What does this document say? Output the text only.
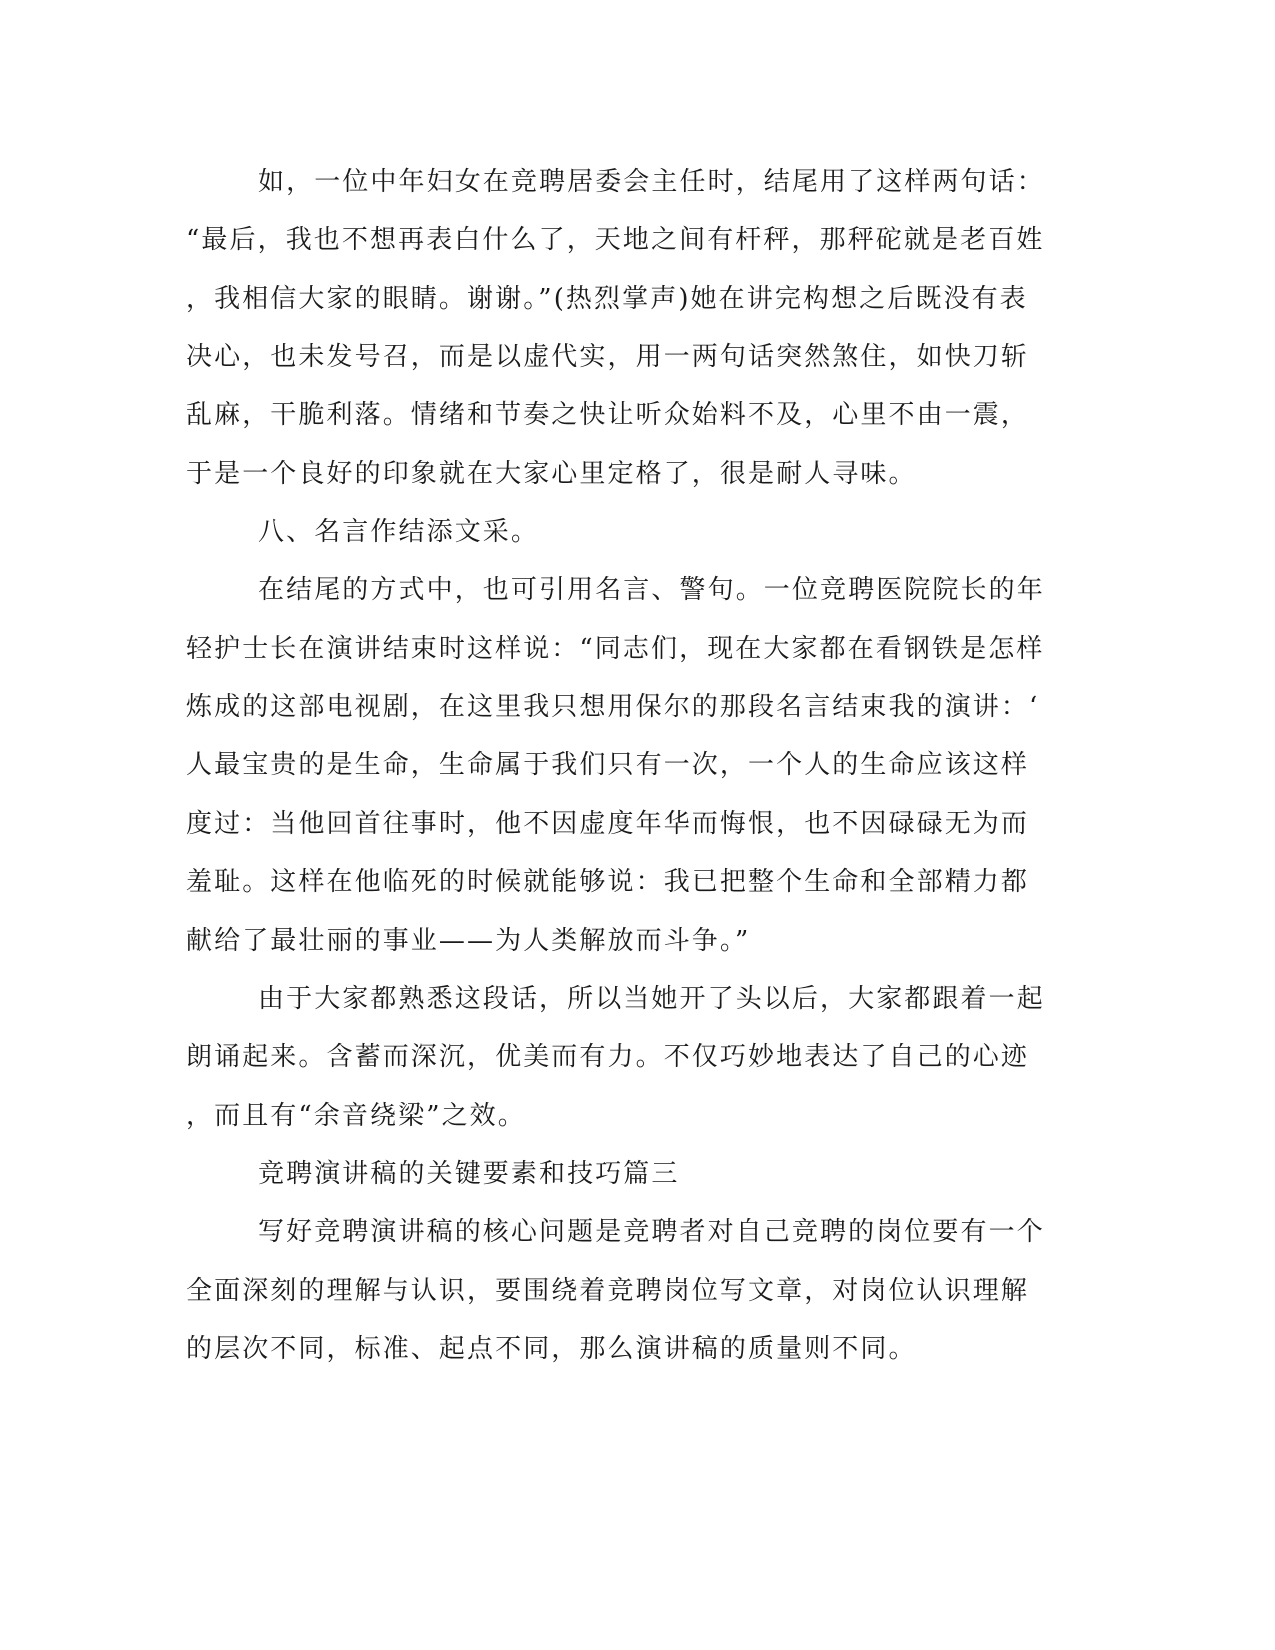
如，一位中年妇女在竞聘居委会主任时，结尾用了这样两句话：
“最后，我也不想再表白什么了，天地之间有杆秤，那秤砣就是老百姓
，我相信大家的眼睛。谢谢。”(热烈掌声)她在讲完构想之后既没有表
决心，也未发号召，而是以虚代实，用一两句话突然煞住，如快刀斩
乱麻，干脆利落。情绪和节奏之快让听众始料不及，心里不由一震，
于是一个良好的印象就在大家心里定格了，很是耐人寻味。
八、名言作结添文采。
在结尾的方式中，也可引用名言、警句。一位竞聘医院院长的年
轻护士长在演讲结束时这样说：“同志们，现在大家都在看钢铁是怎样
炼成的这部电视剧，在这里我只想用保尔的那段名言结束我的演讲：‘
人最宝贵的是生命，生命属于我们只有一次，一个人的生命应该这样
度过：当他回首往事时，他不因虚度年华而悔恨，也不因碌碌无为而
羞耻。这样在他临死的时候就能够说：我已把整个生命和全部精力都
献给了最壮丽的事业——为人类解放而斗争。”
由于大家都熟悉这段话，所以当她开了头以后，大家都跟着一起
朗诵起来。含蓄而深沉，优美而有力。不仅巧妙地表达了自己的心迹
，而且有“余音绕梁”之效。
竞聘演讲稿的关键要素和技巧篇三
写好竞聘演讲稿的核心问题是竞聘者对自己竞聘的岗位要有一个
全面深刻的理解与认识，要围绕着竞聘岗位写文章，对岗位认识理解
的层次不同，标准、起点不同，那么演讲稿的质量则不同。
